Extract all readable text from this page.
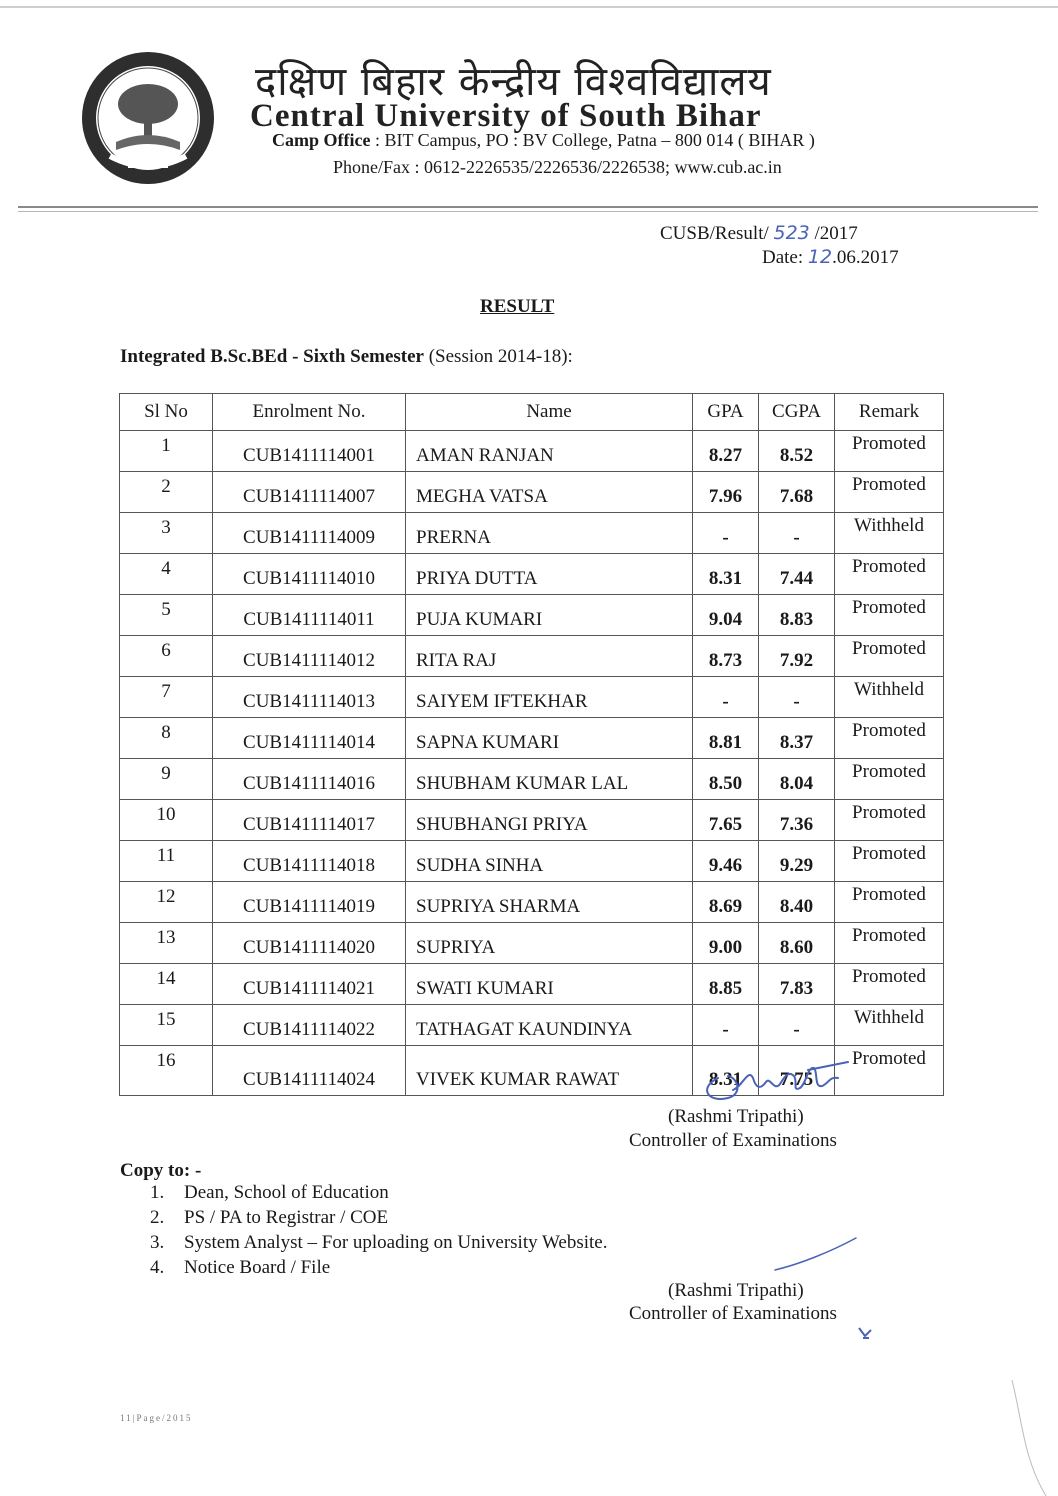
दक्षिण बिहार केन्द्रीय विश्वविद्यालय
Central University of South Bihar
Camp Office : BIT Campus, PO : BV College, Patna – 800 014 ( BIHAR )
Phone/Fax : 0612-2226535/2226536/2226538; www.cub.ac.in
CUSB/Result/ 523 /2017
Date: 12.06.2017
RESULT
Integrated B.Sc.BEd - Sixth Semester (Session 2014-18):
Sl No	Enrolment No.	Name	GPA	CGPA	Remark
1	CUB1411114001	AMAN RANJAN	8.27	8.52	Promoted
2	CUB1411114007	MEGHA VATSA	7.96	7.68	Promoted
3	CUB1411114009	PRERNA	-	-	Withheld
4	CUB1411114010	PRIYA DUTTA	8.31	7.44	Promoted
5	CUB1411114011	PUJA KUMARI	9.04	8.83	Promoted
6	CUB1411114012	RITA RAJ	8.73	7.92	Promoted
7	CUB1411114013	SAIYEM IFTEKHAR	-	-	Withheld
8	CUB1411114014	SAPNA KUMARI	8.81	8.37	Promoted
9	CUB1411114016	SHUBHAM KUMAR LAL	8.50	8.04	Promoted
10	CUB1411114017	SHUBHANGI PRIYA	7.65	7.36	Promoted
11	CUB1411114018	SUDHA SINHA	9.46	9.29	Promoted
12	CUB1411114019	SUPRIYA SHARMA	8.69	8.40	Promoted
13	CUB1411114020	SUPRIYA	9.00	8.60	Promoted
14	CUB1411114021	SWATI KUMARI	8.85	7.83	Promoted
15	CUB1411114022	TATHAGAT KAUNDINYA	-	-	Withheld
16	CUB1411114024	VIVEK KUMAR RAWAT	8.31	7.75	Promoted
(Rashmi Tripathi)
Controller of Examinations
Copy to: -
1. Dean, School of Education
2. PS / PA to Registrar / COE
3. System Analyst – For uploading on University Website.
4. Notice Board / File
(Rashmi Tripathi)
Controller of Examinations
11|Page/2015
